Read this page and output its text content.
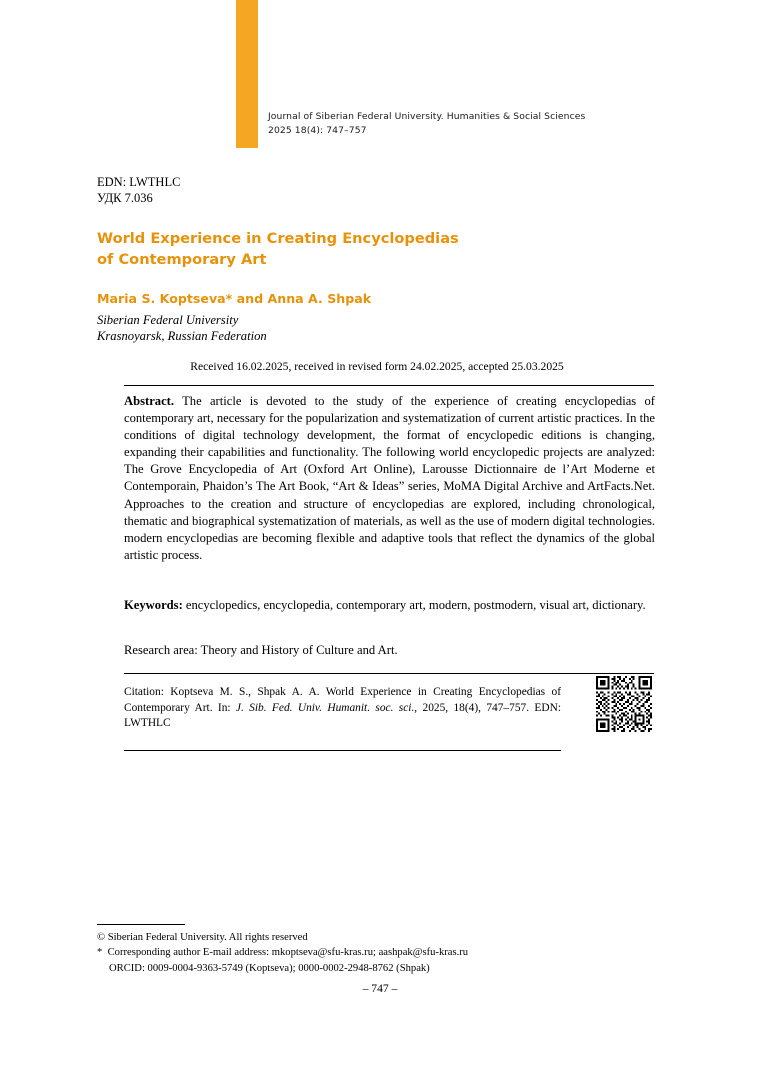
Journal of Siberian Federal University. Humanities & Social Sciences
2025 18(4): 747–757
EDN: LWTHLC
УДК 7.036
World Experience in Creating Encyclopedias
of Contemporary Art
Maria S. Koptseva* and Anna A. Shpak
Siberian Federal University
Krasnoyarsk, Russian Federation
Received 16.02.2025, received in revised form 24.02.2025, accepted 25.03.2025
Abstract. The article is devoted to the study of the experience of creating encyclopedias of contemporary art, necessary for the popularization and systematization of current artistic practices. In the conditions of digital technology development, the format of encyclopedic editions is changing, expanding their capabilities and functionality. The following world encyclopedic projects are analyzed: The Grove Encyclopedia of Art (Oxford Art Online), Larousse Dictionnaire de l’Art Moderne et Contemporain, Phaidon’s The Art Book, “Art & Ideas” series, MoMA Digital Archive and ArtFacts.Net. Approaches to the creation and structure of encyclopedias are explored, including chronological, thematic and biographical systematization of materials, as well as the use of modern digital technologies. modern encyclopedias are becoming flexible and adaptive tools that reflect the dynamics of the global artistic process.
Keywords: encyclopedics, encyclopedia, contemporary art, modern, postmodern, visual art, dictionary.
Research area: Theory and History of Culture and Art.
Citation: Koptseva M. S., Shpak A. A. World Experience in Creating Encyclopedias of Contemporary Art. In: J. Sib. Fed. Univ. Humanit. soc. sci., 2025, 18(4), 747–757. EDN: LWTHLC
© Siberian Federal University. All rights reserved
*  Corresponding author E-mail address: mkoptseva@sfu-kras.ru; aashpak@sfu-kras.ru
ORCID: 0009-0004-9363-5749 (Koptseva); 0000-0002-2948-8762 (Shpak)
– 747 –
